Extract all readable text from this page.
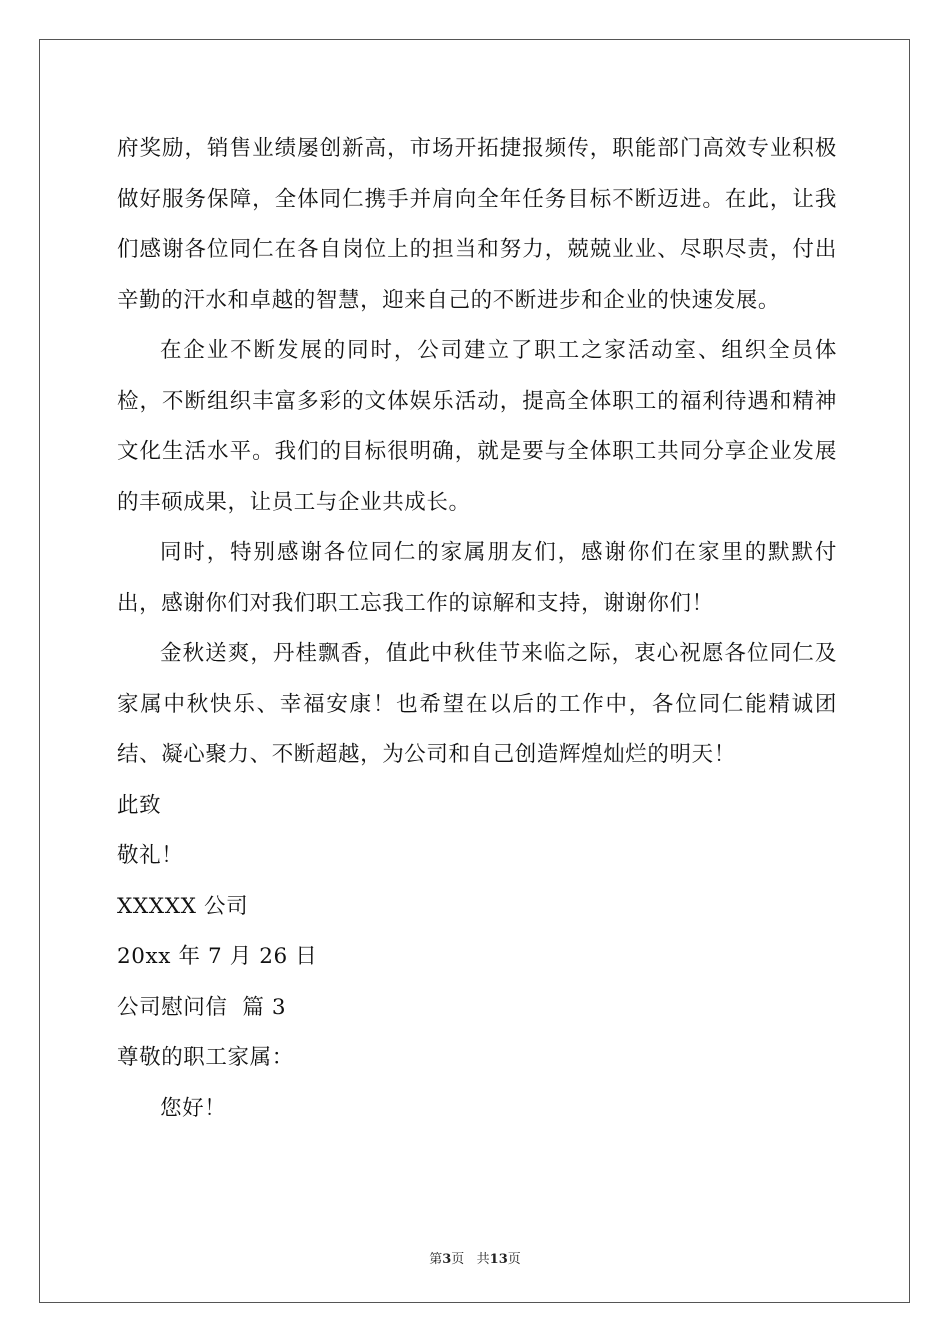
府奖励，销售业绩屡创新高，市场开拓捷报频传，职能部门高效专业积极做好服务保障，全体同仁携手并肩向全年任务目标不断迈进。在此，让我们感谢各位同仁在各自岗位上的担当和努力，兢兢业业、尽职尽责，付出辛勤的汗水和卓越的智慧，迎来自己的不断进步和企业的快速发展。

在企业不断发展的同时，公司建立了职工之家活动室、组织全员体检，不断组织丰富多彩的文体娱乐活动，提高全体职工的福利待遇和精神文化生活水平。我们的目标很明确，就是要与全体职工共同分享企业发展的丰硕成果，让员工与企业共成长。

同时，特别感谢各位同仁的家属朋友们，感谢你们在家里的默默付出，感谢你们对我们职工忘我工作的谅解和支持，谢谢你们！

金秋送爽，丹桂飘香，值此中秋佳节来临之际，衷心祝愿各位同仁及家属中秋快乐、幸福安康！也希望在以后的工作中，各位同仁能精诚团结、凝心聚力、不断超越，为公司和自己创造辉煌灿烂的明天！

此致

敬礼！

XXXXX 公司

20xx 年 7 月 26 日

公司慰问信  篇 3

尊敬的职工家属：

您好！

第3页   共13页
